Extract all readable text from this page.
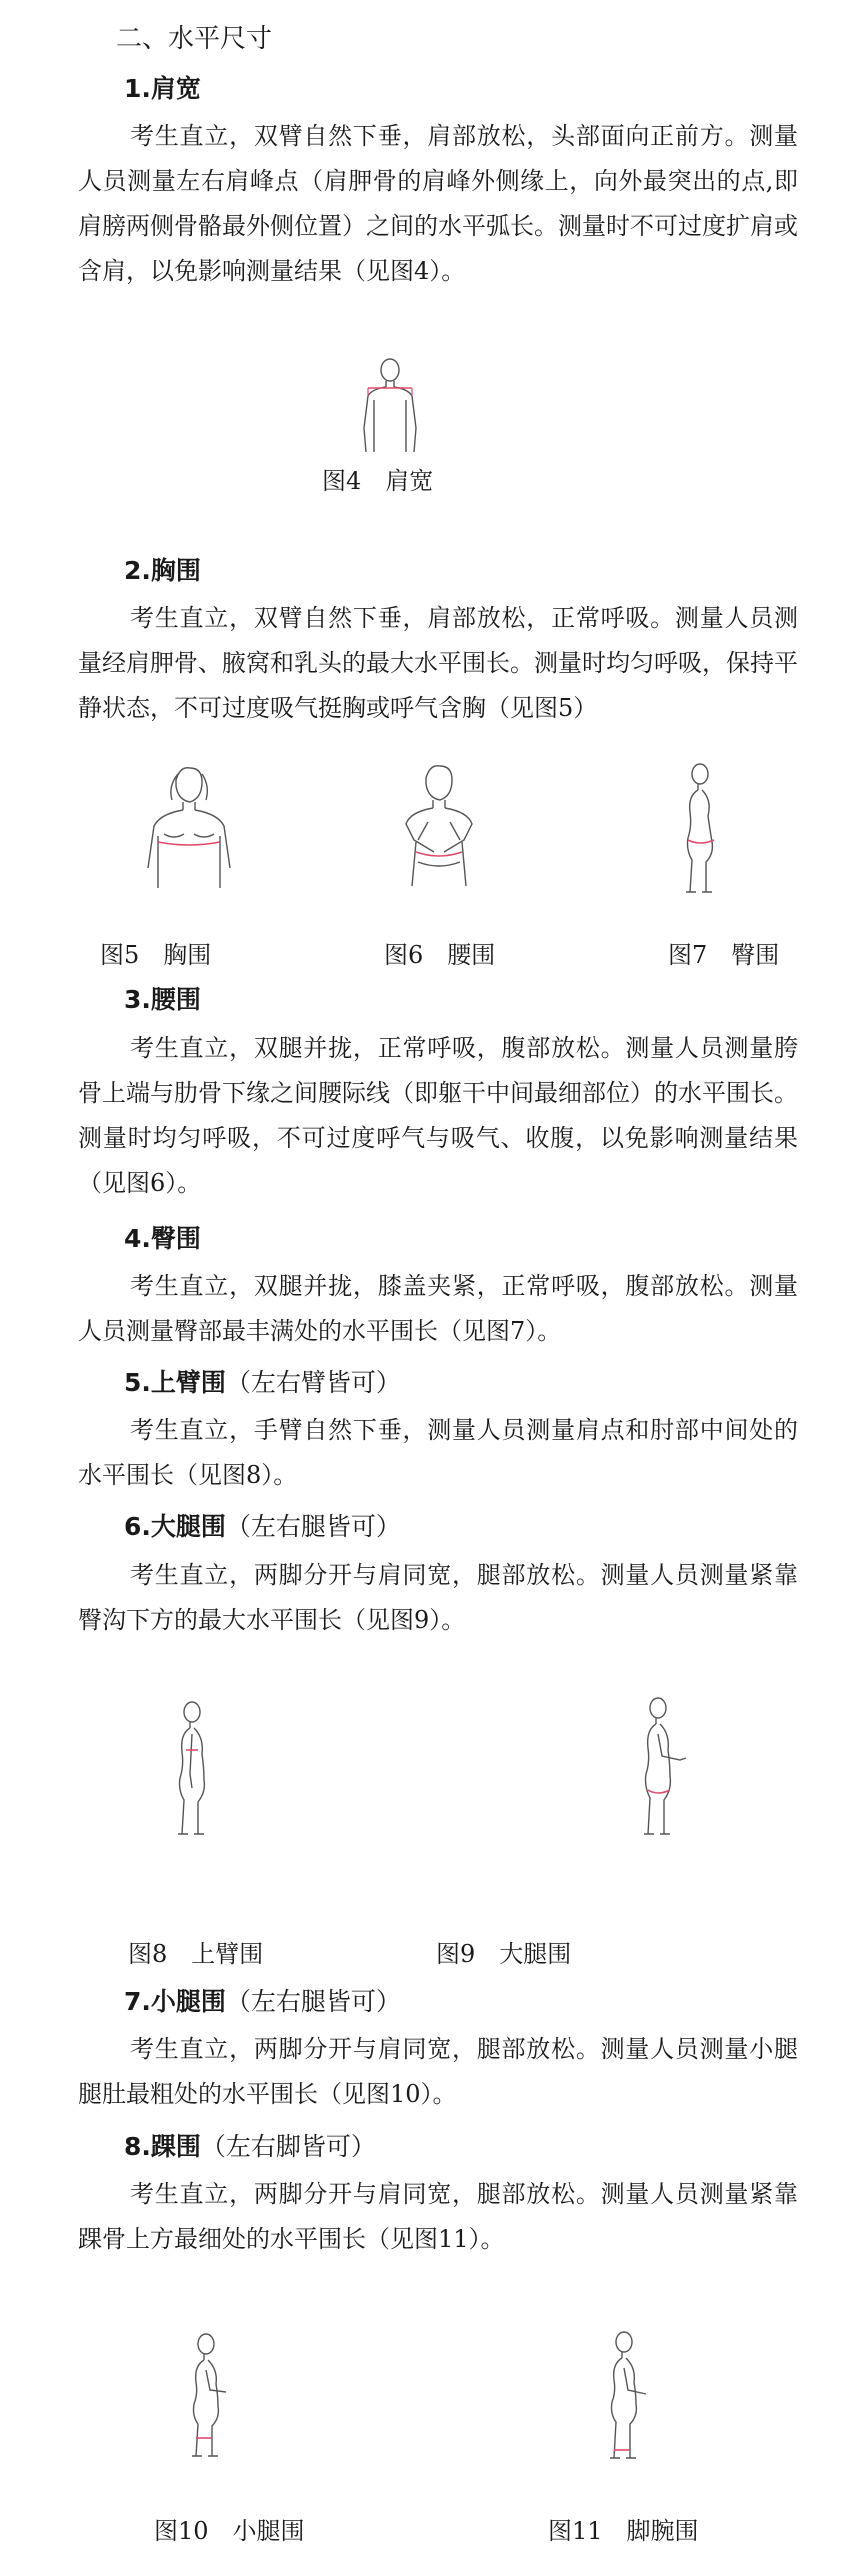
二、水平尺寸
1.肩宽
考生直立，双臂自然下垂，肩部放松，头部面向正前方。测量人员测量左右肩峰点（肩胛骨的肩峰外侧缘上，向外最突出的点,即肩膀两侧骨骼最外侧位置）之间的水平弧长。测量时不可过度扩肩或含肩，以免影响测量结果（见图4）。
图4　肩宽
2.胸围
考生直立，双臂自然下垂，肩部放松，正常呼吸。测量人员测量经肩胛骨、腋窝和乳头的最大水平围长。测量时均匀呼吸，保持平静状态，不可过度吸气挺胸或呼气含胸（见图5）
图5　胸围	图6　腰围	图7　臀围
3.腰围
考生直立，双腿并拢，正常呼吸，腹部放松。测量人员测量胯骨上端与肋骨下缘之间腰际线（即躯干中间最细部位）的水平围长。测量时均匀呼吸，不可过度呼气与吸气、收腹，以免影响测量结果（见图6）。
4.臀围
考生直立，双腿并拢，膝盖夹紧，正常呼吸，腹部放松。测量人员测量臀部最丰满处的水平围长（见图7）。
5.上臂围（左右臂皆可）
考生直立，手臂自然下垂，测量人员测量肩点和肘部中间处的水平围长（见图8）。
6.大腿围（左右腿皆可）
考生直立，两脚分开与肩同宽，腿部放松。测量人员测量紧靠臀沟下方的最大水平围长（见图9）。
图8　上臂围	图9　大腿围
7.小腿围（左右腿皆可）
考生直立，两脚分开与肩同宽，腿部放松。测量人员测量小腿腿肚最粗处的水平围长（见图10）。
8.踝围（左右脚皆可）
考生直立，两脚分开与肩同宽，腿部放松。测量人员测量紧靠踝骨上方最细处的水平围长（见图11）。
图10　小腿围	图11　脚腕围
